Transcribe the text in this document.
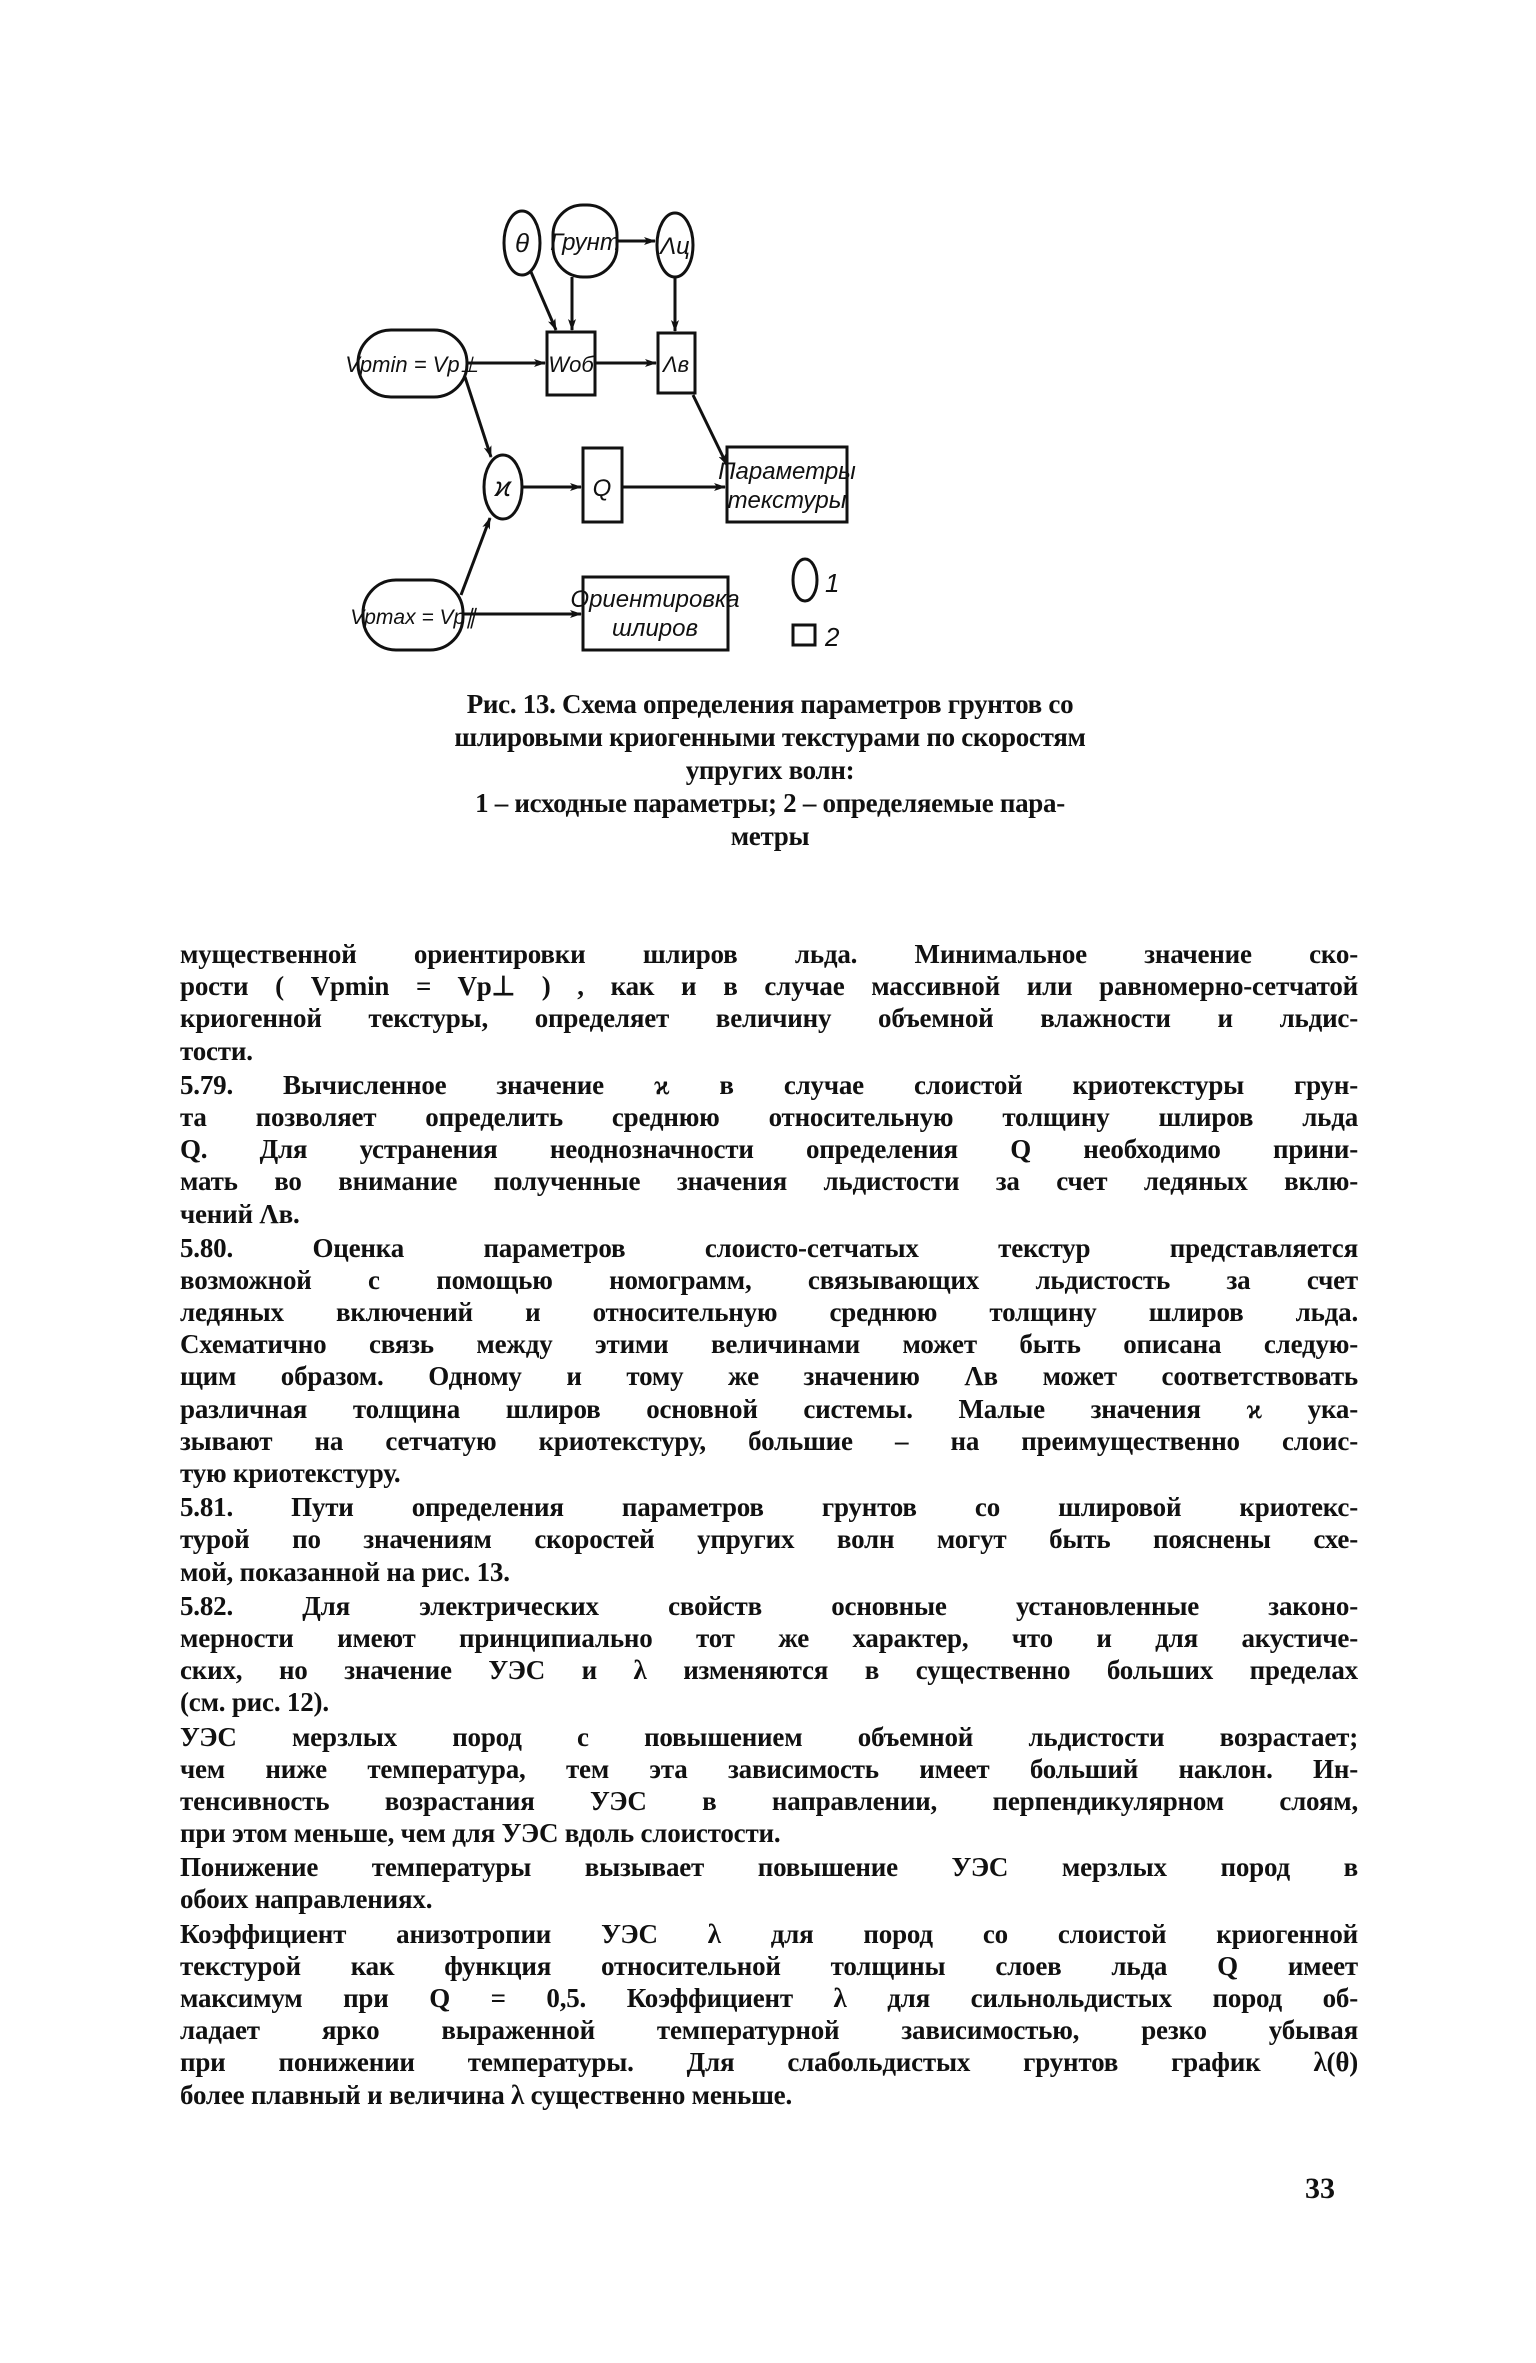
θ Грунт Λц
Vpmin = Vp⊥	Wоб	Λв
ϰ	Q
Параметры
текстуры
Vpmax = Vp∥
Ориентировка
шлиров
1
2
Рис. 13. Схема определения параметров грунтов со
шлировыми криогенными текстурами по скоростям
упругих волн:
1 – исходные параметры; 2 – определяемые пара-
метры
мущественной ориентировки шлиров льда. Минимальное значение ско-
рости ( Vpmin = Vp⊥ ) , как и в случае массивной или равномерно-сетчатой
криогенной текстуры, определяет величину объемной влажности и льдис-
тости.
5.79. Вычисленное значение ϰ в случае слоистой криотекстуры грун-
та позволяет определить среднюю относительную толщину шлиров льда
Q. Для устранения неоднозначности определения Q необходимо прини-
мать во внимание полученные значения льдистости за счет ледяных вклю-
чений Λв.
5.80. Оценка параметров слоисто-сетчатых текстур представляется
возможной с помощью номограмм, связывающих льдистость за счет
ледяных включений и относительную среднюю толщину шлиров льда.
Схематично связь между этими величинами может быть описана следую-
щим образом. Одному и тому же значению Λв может соответствовать
различная толщина шлиров основной системы. Малые значения ϰ ука-
зывают на сетчатую криотекстуру, большие – на преимущественно слоис-
тую криотекстуру.
5.81. Пути определения параметров грунтов со шлировой криотекс-
турой по значениям скоростей упругих волн могут быть пояснены схе-
мой, показанной на рис. 13.
5.82. Для электрических свойств основные установленные законо-
мерности имеют принципиально тот же характер, что и для акустиче-
ских, но значение УЭС и λ изменяются в существенно больших пределах
(см. рис. 12).
УЭС мерзлых пород с повышением объемной льдистости возрастает;
чем ниже температура, тем эта зависимость имеет больший наклон. Ин-
тенсивность возрастания УЭС в направлении, перпендикулярном слоям,
при этом меньше, чем для УЭС вдоль слоистости.
Понижение температуры вызывает повышение УЭС мерзлых пород в
обоих направлениях.
Коэффициент анизотропии УЭС λ для пород со слоистой криогенной
текстурой как функция относительной толщины слоев льда Q имеет
максимум при Q = 0,5. Коэффициент λ для сильнольдистых пород об-
ладает ярко выраженной температурной зависимостью, резко убывая
при понижении температуры. Для слабольдистых грунтов график λ(θ)
более плавный и величина λ существенно меньше.
33
